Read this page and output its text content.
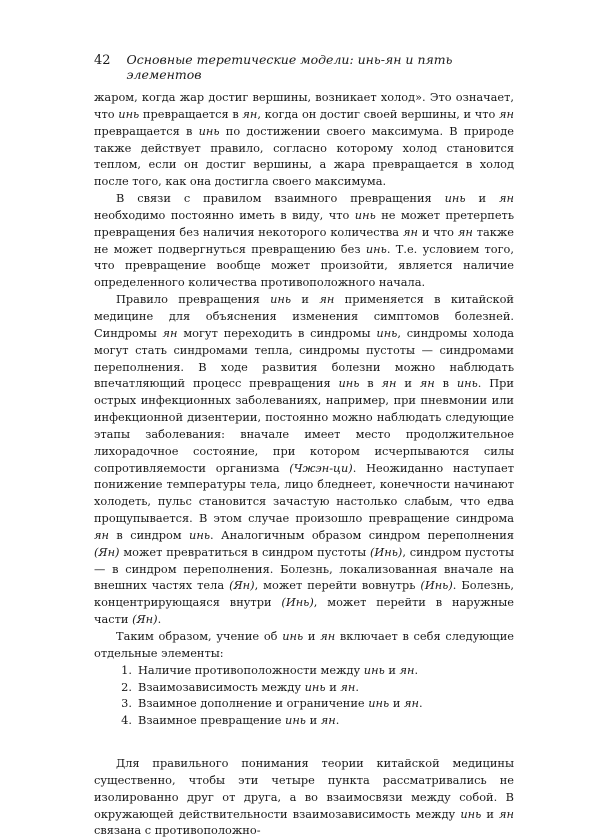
42 Основные теретические модели: инь-ян и пять элементов

жаром, когда жар достиг вершины, возникает холод». Это означает, что инь превращается в ян, когда он достиг своей вершины, и что ян превращается в инь по достижении своего максимума. В природе также действует правило, согласно которому холод становится теплом, если он достиг вершины, а жара превращается в холод после того, как она достигла своего максимума.

В связи с правилом взаимного превращения инь и ян необходимо постоянно иметь в виду, что инь не может претерпеть превращения без наличия некоторого количества ян и что ян также не может подвергнуться превращению без инь. Т.е. условием того, что превращение вообще может произойти, является наличие определенного количества противоположного начала.

Правило превращения инь и ян применяется в китайской медицине для объяснения изменения симптомов болезней. Синдромы ян могут переходить в синдромы инь, синдромы холода могут стать синдромами тепла, синдромы пустоты — синдромами переполнения. В ходе развития болезни можно наблюдать впечатляющий процесс превращения инь в ян и ян в инь. При острых инфекционных заболеваниях, например, при пневмонии или инфекционной дизентерии, постоянно можно наблюдать следующие этапы заболевания: вначале имеет место продолжительное лихорадочное состояние, при котором исчерпываются силы сопротивляемости организма (Чжэн-ци). Неожиданно наступает понижение температуры тела, лицо бледнеет, конечности начинают холодеть, пульс становится зачастую настолько слабым, что едва прощупывается. В этом случае произошло превращение синдрома ян в синдром инь. Аналогичным образом синдром переполнения (Ян) может превратиться в синдром пустоты (Инь), синдром пустоты — в синдром переполнения. Болезнь, локализованная вначале на внешних частях тела (Ян), может перейти вовнутрь (Инь). Болезнь, концентрирующаяся внутри (Инь), может перейти в наружные части (Ян).

Таким образом, учение об инь и ян включает в себя следующие отдельные элементы:

1. Наличие противоположности между инь и ян.
2. Взаимозависимость между инь и ян.
3. Взаимное дополнение и ограничение инь и ян.
4. Взаимное превращение инь и ян.

Для правильного понимания теории китайской медицины существенно, чтобы эти четыре пункта рассматривались не изолированно друг от друга, а во взаимосвязи между собой. В окружающей действительности взаимозависимость между инь и ян связана с противоположно-
